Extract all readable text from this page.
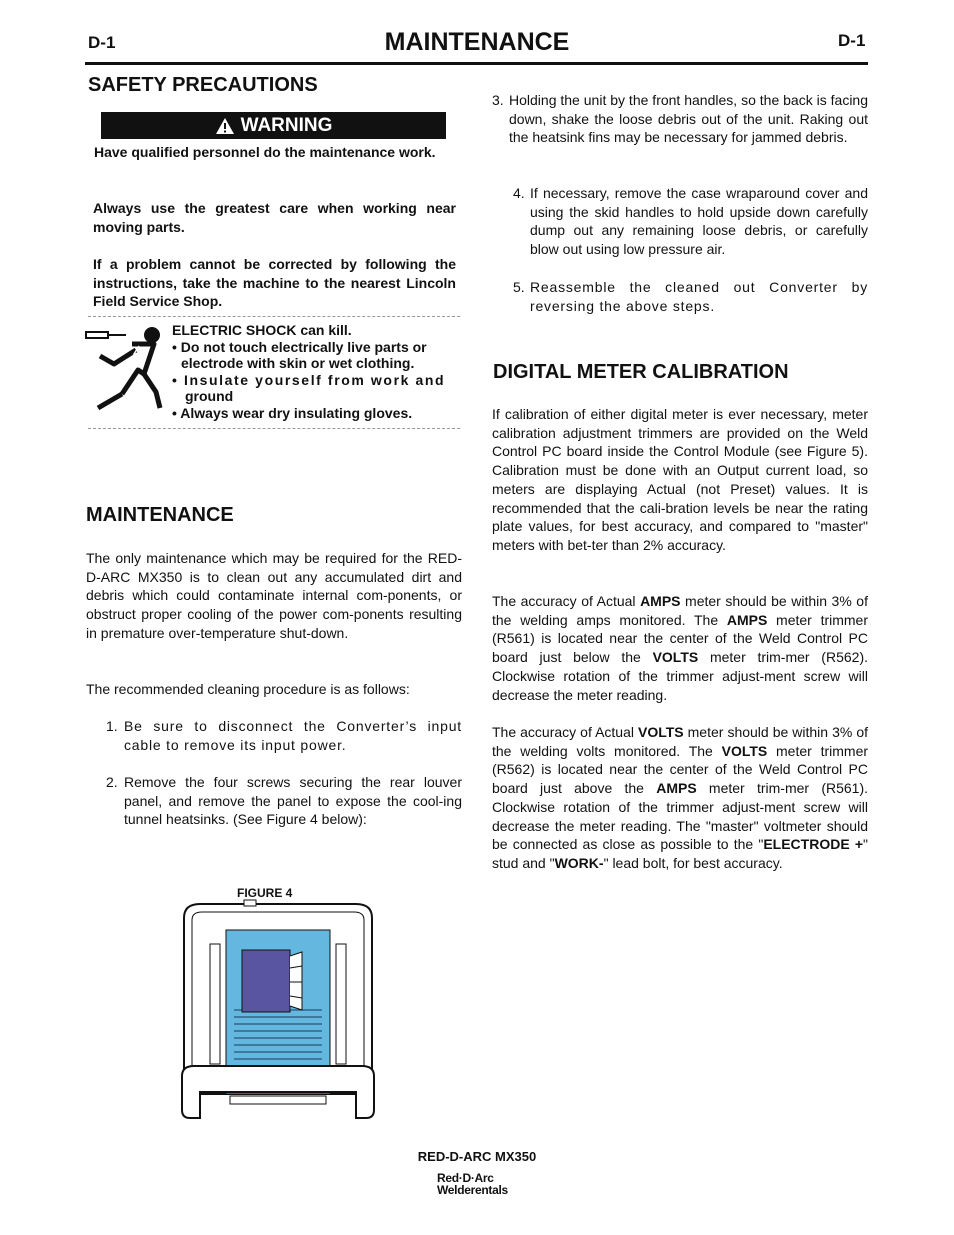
D-1	MAINTENANCE	D-1
SAFETY PRECAUTIONS
WARNING
Have qualified personnel do the maintenance work.
Always use the greatest care when working near moving parts.
If a problem cannot be corrected by following the instructions, take the machine to the nearest Lincoln Field Service Shop.
ELECTRIC SHOCK can kill.
• Do not touch electrically live parts or
electrode with skin or wet clothing.
• Insulate yourself from work and
ground
• Always wear dry insulating gloves.
MAINTENANCE
The only maintenance which may be required for the RED-D-ARC MX350 is to clean out any accumulated dirt and debris which could contaminate internal com-ponents, or obstruct proper cooling of the power com-ponents resulting in premature over-temperature shut-down.
The recommended cleaning procedure is as follows:
1. Be sure to disconnect the Converter’s input cable to remove its input power.
2. Remove the four screws securing the rear louver panel, and remove the panel to expose the cool-ing tunnel heatsinks. (See Figure 4 below):
FIGURE 4
3. Holding the unit by the front handles, so the back is facing down, shake the loose debris out of the unit. Raking out the heatsink fins may be necessary for jammed debris.
4. If necessary, remove the case wraparound cover and using the skid handles to hold upside down carefully dump out any remaining loose debris, or carefully blow out using low pressure air.
5. Reassemble the cleaned out Converter by reversing the above steps.
DIGITAL METER CALIBRATION
If calibration of either digital meter is ever necessary, meter calibration adjustment trimmers are provided on the Weld Control PC board inside the Control Module (see Figure 5). Calibration must be done with an Output current load, so meters are displaying Actual (not Preset) values. It is recommended that the cali-bration levels be near the rating plate values, for best accuracy, and compared to "master" meters with bet-ter than 2% accuracy.
The accuracy of Actual AMPS meter should be within 3% of the welding amps monitored. The AMPS meter trimmer (R561) is located near the center of the Weld Control PC board just below the VOLTS meter trim-mer (R562). Clockwise rotation of the trimmer adjust-ment screw will decrease the meter reading.
The accuracy of Actual VOLTS meter should be within 3% of the welding volts monitored. The VOLTS meter trimmer (R562) is located near the center of the Weld Control PC board just above the AMPS meter trim-mer (R561). Clockwise rotation of the trimmer adjust-ment screw will decrease the meter reading. The "master" voltmeter should be connected as close as possible to the "ELECTRODE +" stud and "WORK-" lead bolt, for best accuracy.
RED-D-ARC MX350
Red·D·Arc
Welderentals
